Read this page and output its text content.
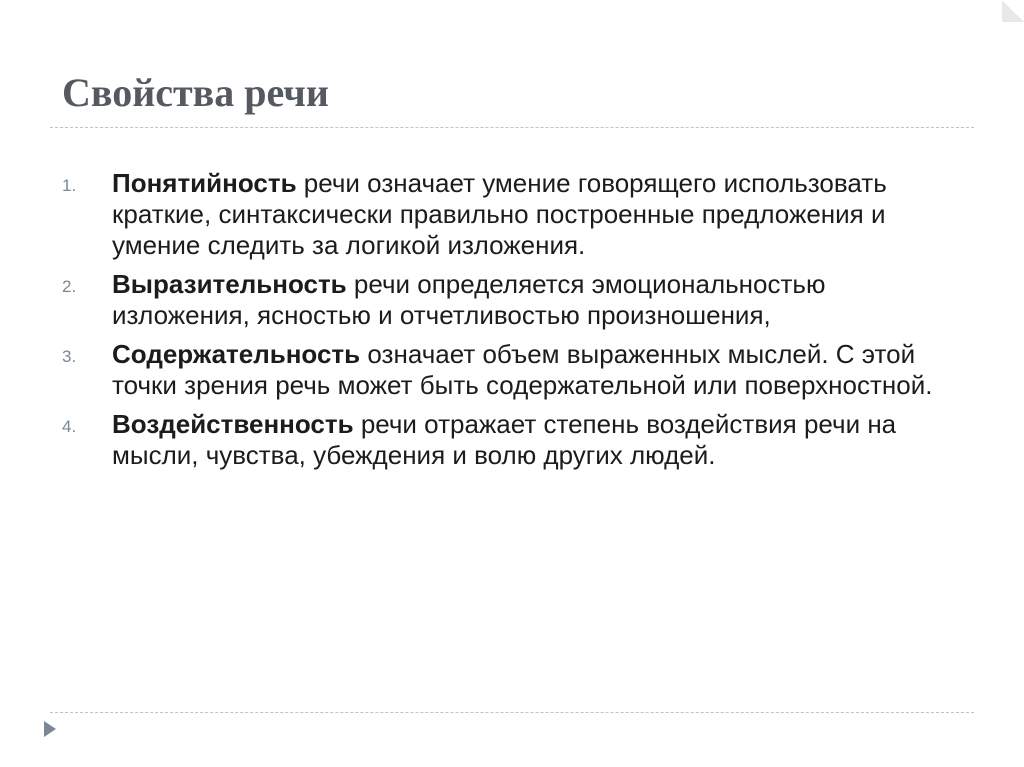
Свойства речи
1.	Понятийность речи означает умение говорящего использовать краткие, синтаксически правильно построенные предложения и умение следить за логикой изложения.
2.	Выразительность речи определяется эмоциональностью изложения, ясностью и отчетливостью произношения,
3.	Содержательность означает объем выраженных мыслей. С этой точки зрения речь может быть содержательной или поверхностной.
4.	Воздейственность речи отражает степень воздействия речи на мысли, чувства, убеждения и волю других людей.
